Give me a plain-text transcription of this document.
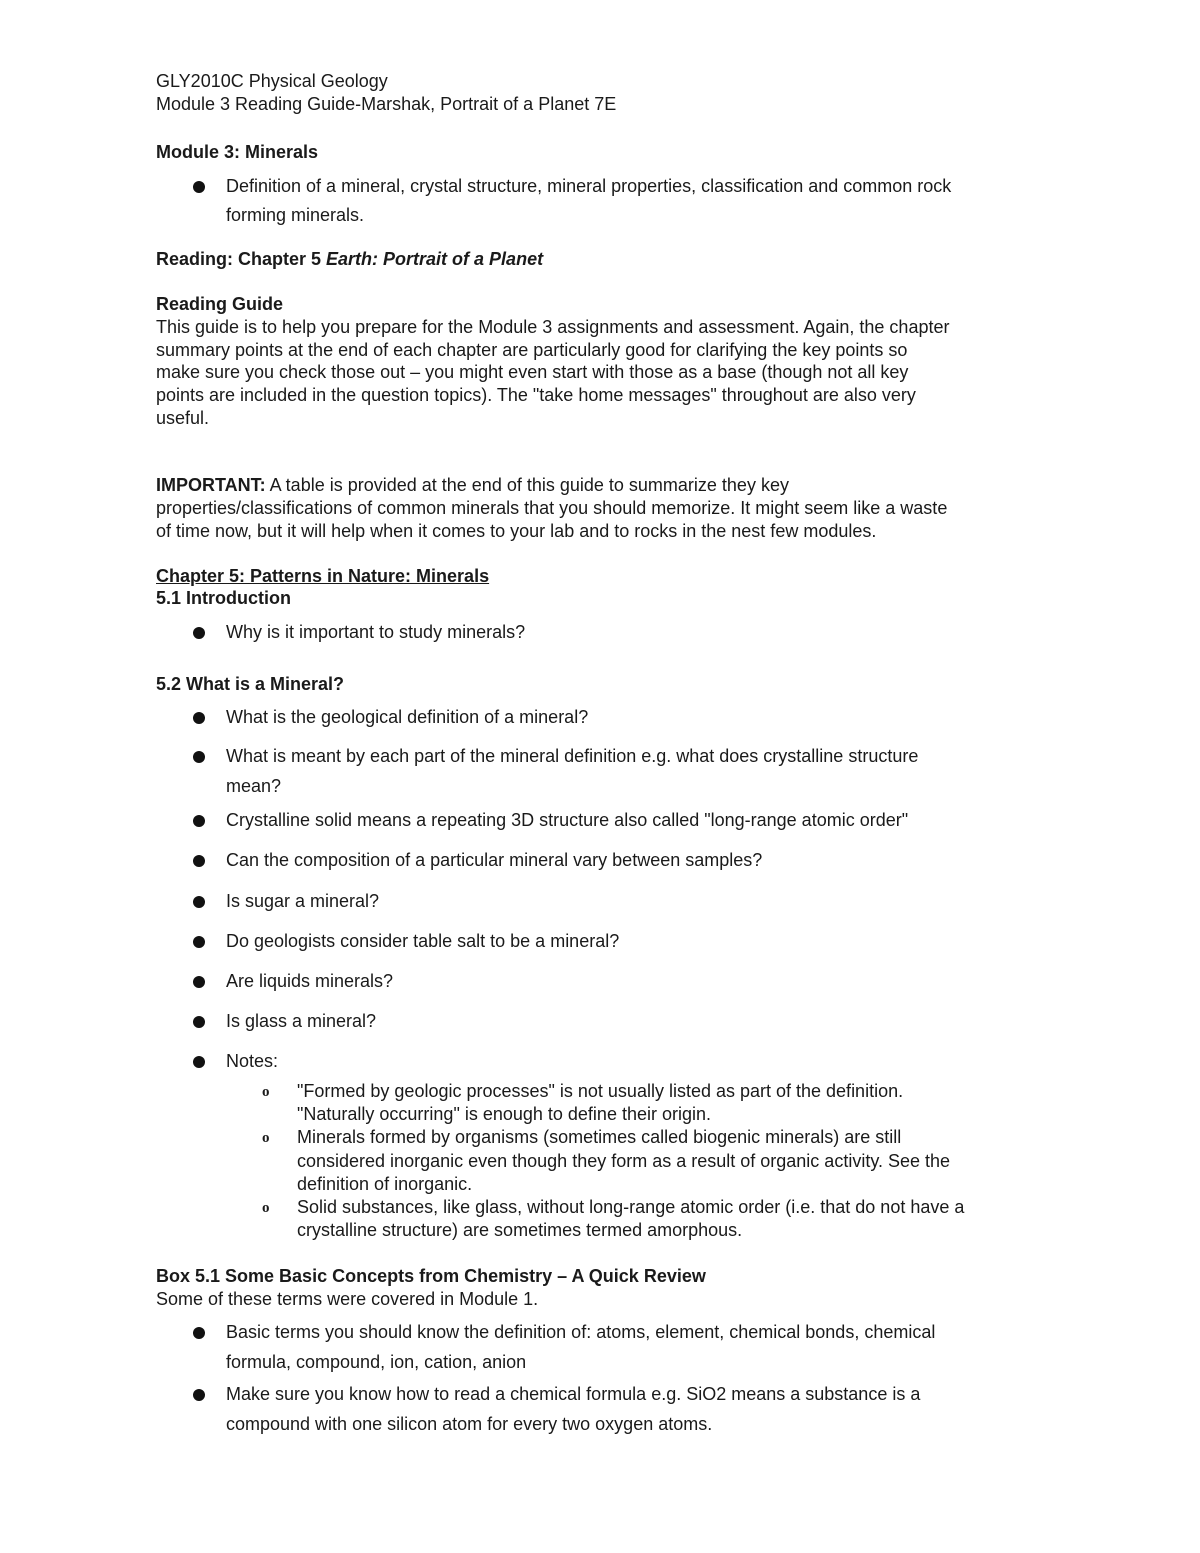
GLY2010C Physical Geology
Module 3 Reading Guide-Marshak, Portrait of a Planet 7E
Module 3: Minerals
Definition of a mineral, crystal structure, mineral properties, classification and common rock
forming minerals.
Reading: Chapter 5 Earth: Portrait of a Planet
Reading Guide
This guide is to help you prepare for the Module 3 assignments and assessment. Again, the chapter
summary points at the end of each chapter are particularly good for clarifying the key points so
make sure you check those out – you might even start with those as a base (though not all key
points are included in the question topics). The "take home messages" throughout are also very
useful.
IMPORTANT: A table is provided at the end of this guide to summarize they key
properties/classifications of common minerals that you should memorize. It might seem like a waste
of time now, but it will help when it comes to your lab and to rocks in the nest few modules.
Chapter 5: Patterns in Nature: Minerals
5.1 Introduction
Why is it important to study minerals?
5.2 What is a Mineral?
What is the geological definition of a mineral?
What is meant by each part of the mineral definition e.g. what does crystalline structure
mean?
Crystalline solid means a repeating 3D structure also called "long-range atomic order"
Can the composition of a particular mineral vary between samples?
Is sugar a mineral?
Do geologists consider table salt to be a mineral?
Are liquids minerals?
Is glass a mineral?
Notes:
o "Formed by geologic processes" is not usually listed as part of the definition.
"Naturally occurring" is enough to define their origin.
o Minerals formed by organisms (sometimes called biogenic minerals) are still
considered inorganic even though they form as a result of organic activity. See the
definition of inorganic.
o Solid substances, like glass, without long-range atomic order (i.e. that do not have a
crystalline structure) are sometimes termed amorphous.
Box 5.1 Some Basic Concepts from Chemistry – A Quick Review
Some of these terms were covered in Module 1.
Basic terms you should know the definition of: atoms, element, chemical bonds, chemical
formula, compound, ion, cation, anion
Make sure you know how to read a chemical formula e.g. SiO2 means a substance is a
compound with one silicon atom for every two oxygen atoms.
